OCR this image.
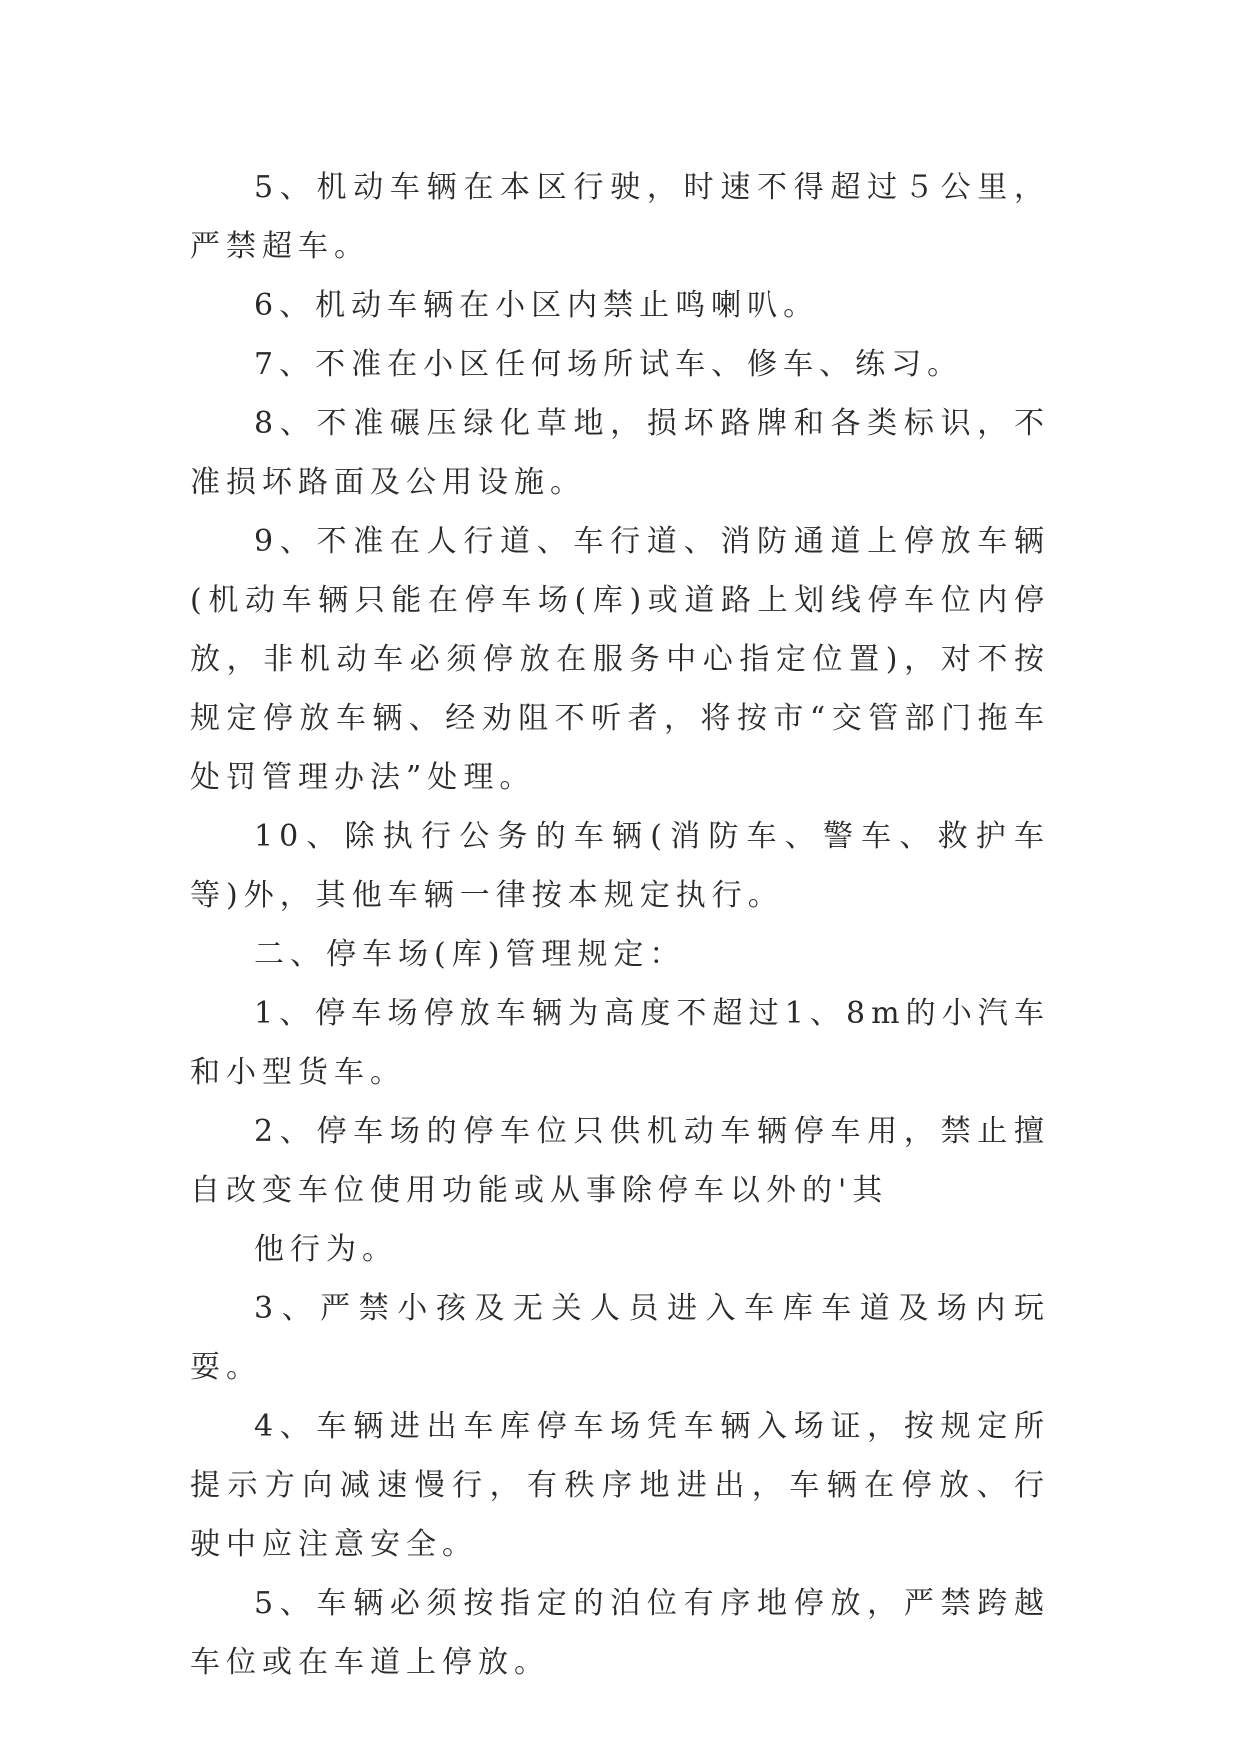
5、机动车辆在本区行驶，时速不得超过５公里，严禁超车。

6、机动车辆在小区内禁止鸣喇叭。

7、不准在小区任何场所试车、修车、练习。

8、不准碾压绿化草地，损坏路牌和各类标识，不准损坏路面及公用设施。

9、不准在人行道、车行道、消防通道上停放车辆(机动车辆只能在停车场(库)或道路上划线停车位内停放，非机动车必须停放在服务中心指定位置)，对不按规定停放车辆、经劝阻不听者，将按市“交管部门拖车处罚管理办法”处理。

10、除执行公务的车辆(消防车、警车、救护车等)外，其他车辆一律按本规定执行。

二、停车场(库)管理规定：

1、停车场停放车辆为高度不超过1、8m的小汽车和小型货车。

2、停车场的停车位只供机动车辆停车用，禁止擅自改变车位使用功能或从事除停车以外的'其

他行为。

3、严禁小孩及无关人员进入车库车道及场内玩耍。

4、车辆进出车库停车场凭车辆入场证，按规定所提示方向减速慢行，有秩序地进出，车辆在停放、行驶中应注意安全。

5、车辆必须按指定的泊位有序地停放，严禁跨越车位或在车道上停放。
